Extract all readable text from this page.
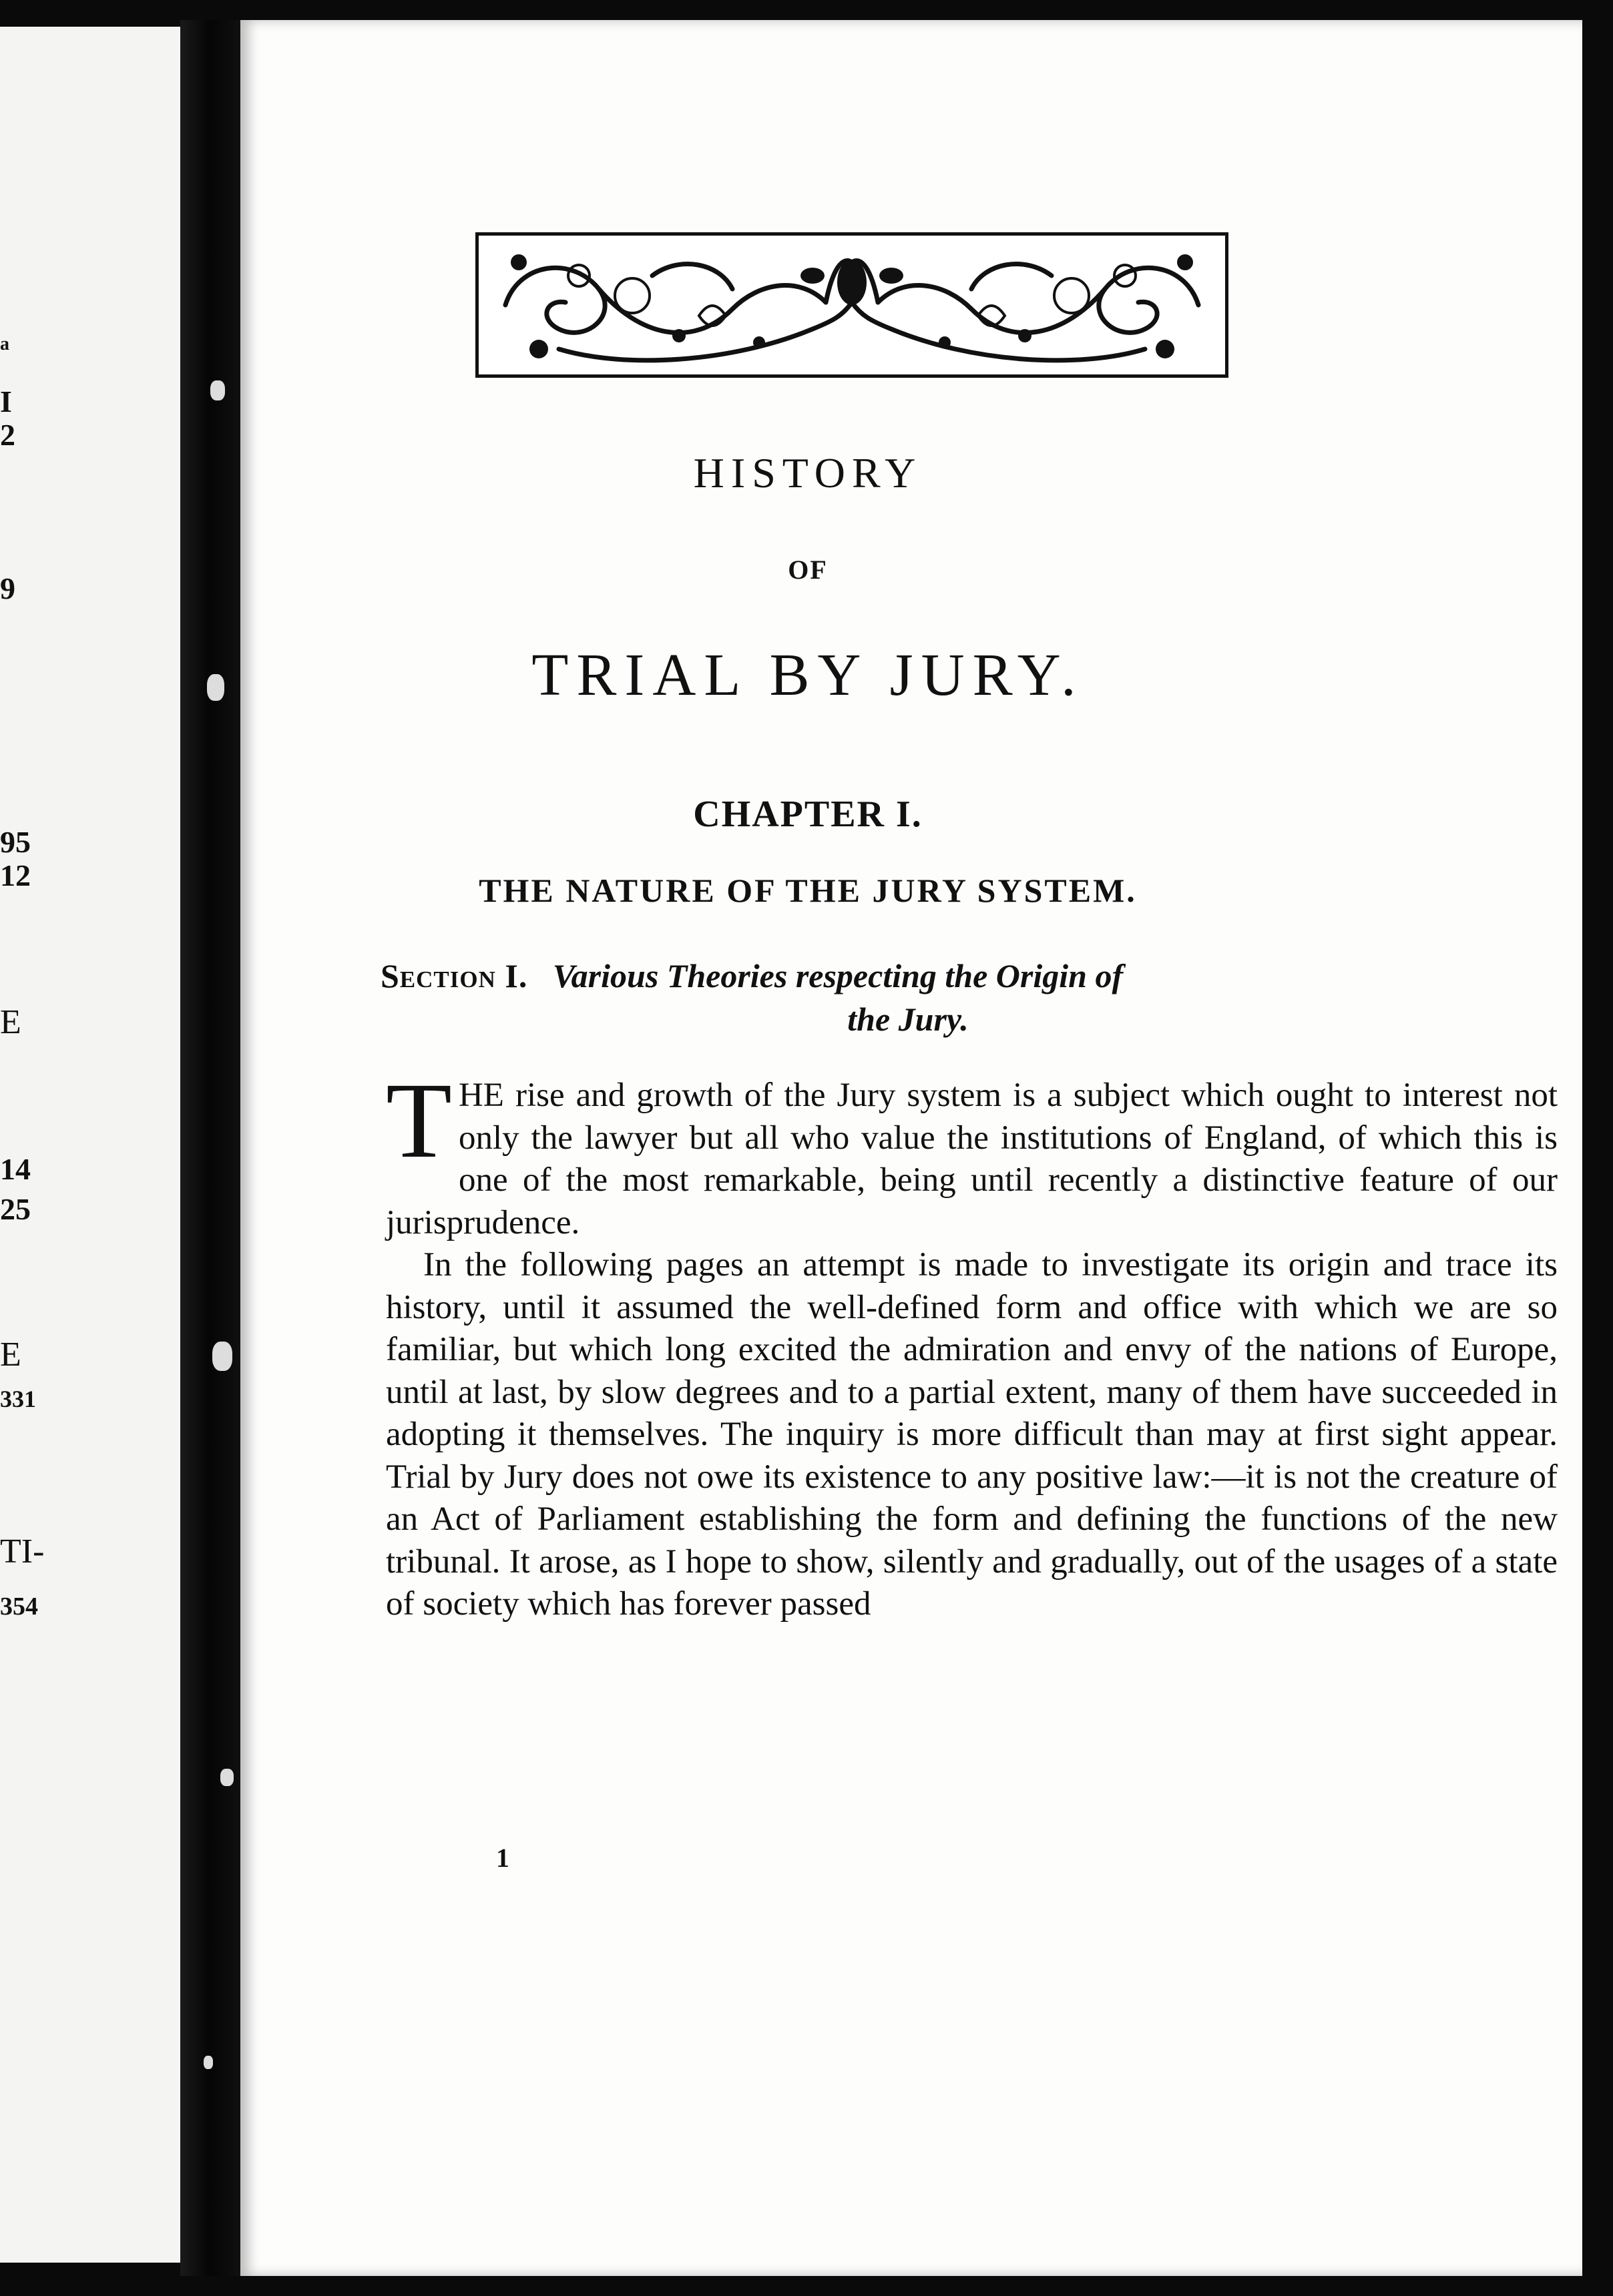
a
I
2
9
95
12
E
14
25
E
331
TI-
354
HISTORY
OF
TRIAL BY JURY.
CHAPTER I.
THE NATURE OF THE JURY SYSTEM.
Section I. Various Theories respecting the Origin of
the Jury.

THE rise and growth of the Jury system is a subject which ought to interest not only the lawyer but all who value the institutions of England, of which this is one of the most remarkable, being until recently a distinctive feature of our jurisprudence.

In the following pages an attempt is made to investigate its origin and trace its history, until it assumed the well-defined form and office with which we are so familiar, but which long excited the admiration and envy of the nations of Europe, until at last, by slow degrees and to a partial extent, many of them have succeeded in adopting it themselves. The inquiry is more difficult than may at first sight appear. Trial by Jury does not owe its existence to any positive law:—it is not the creature of an Act of Parliament establishing the form and defining the functions of the new tribunal. It arose, as I hope to show, silently and gradually, out of the usages of a state of society which has forever passed

1
